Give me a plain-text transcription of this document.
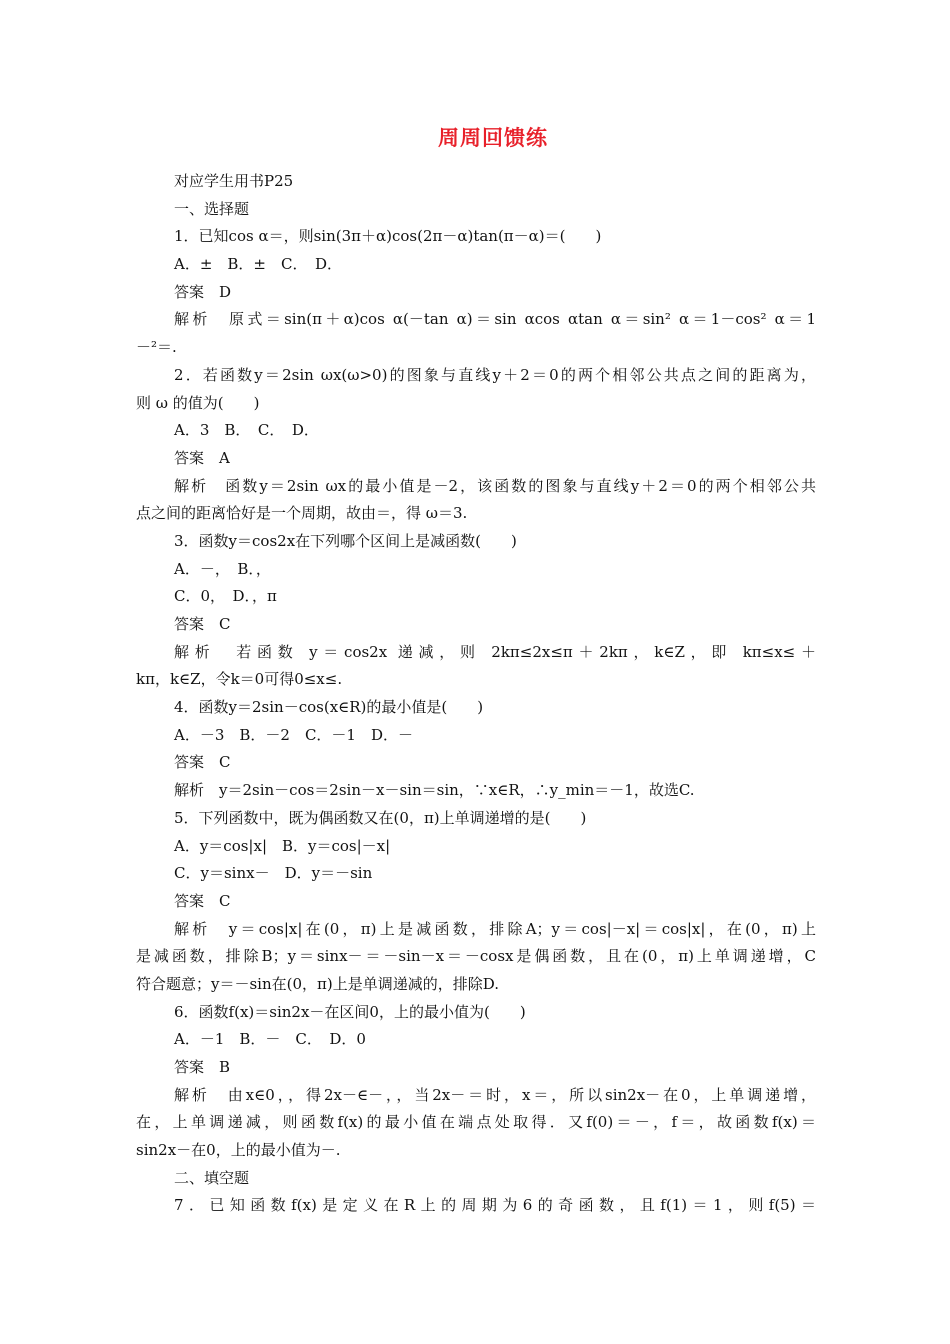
周周回馈练
对应学生用书P25
一、选择题
1．已知cos α＝，则sin(3π＋α)cos(2π－α)tan(π－α)＝(　　)
A．±　B．±　C．　D．
答案　D
解析　原式＝sin(π＋α)cos α(－tan α)＝sin αcos αtan α＝sin² α＝1－cos² α＝1
－²＝.
2．若函数y＝2sin ωx(ω>0)的图象与直线y＋2＝0的两个相邻公共点之间的距离为，
则 ω 的值为(　　)
A．3　B．　C．　D．
答案　A
解析　函数y＝2sin ωx的最小值是－2，该函数的图象与直线y＋2＝0的两个相邻公共
点之间的距离恰好是一个周期，故由＝，得 ω＝3.
3．函数y＝cos2x在下列哪个区间上是减函数(　　)
A．－，　B．，
C．0，　D．，π
答案　C
解析　若函数 y＝cos2x 递减，则 2kπ≤2x≤π＋2kπ，k∈Z，即 kπ≤x≤＋
kπ，k∈Z，令k＝0可得0≤x≤.
4．函数y＝2sin－cos(x∈R)的最小值是(　　)
A．－3　B．－2　C．－1　D．－
答案　C
解析　y＝2sin－cos＝2sin－x－sin＝sin，∵x∈R，∴y_min＝－1，故选C.
5．下列函数中，既为偶函数又在(0，π)上单调递增的是(　　)
A．y＝cos|x|　B．y＝cos|－x|
C．y＝sinx－　D．y＝－sin
答案　C
解析　y＝cos|x|在(0，π)上是减函数，排除A；y＝cos|－x|＝cos|x|，在(0，π)上
是减函数，排除B；y＝sinx－＝－sin－x＝－cosx是偶函数，且在(0，π)上单调递增，C
符合题意；y＝－sin在(0，π)上是单调递减的，排除D.
6．函数f(x)＝sin2x－在区间0，上的最小值为(　　)
A．－1　B．－　C．　D．0
答案　B
解析　由x∈0，，得2x－∈－，，当2x－＝时，x＝，所以sin2x－在0，上单调递增，
在，上单调递减，则函数f(x)的最小值在端点处取得．又f(0)＝－，f＝，故函数f(x)＝
sin2x－在0，上的最小值为－.
二、填空题
7．已知函数f(x)是定义在R上的周期为6的奇函数，且f(1)＝1，则f(5)＝
